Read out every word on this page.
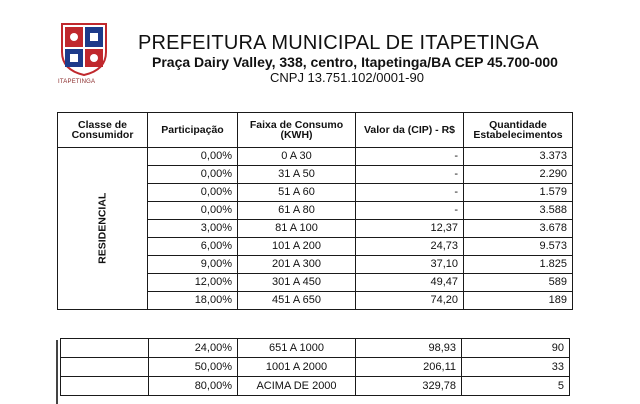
ITAPETINGA
PREFEITURA MUNICIPAL DE ITAPETINGA
Praça Dairy Valley, 338, centro, Itapetinga/BA CEP 45.700-000
CNPJ 13.751.102/0001-90
Classe de Consumidor	Participação	Faixa de Consumo (KWH)	Valor da (CIP) - R$	Quantidade Estabelecimentos
RESIDENCIAL	0,00%	0 A 30	-	3.373
	0,00%	31 A 50	-	2.290
	0,00%	51 A 60	-	1.579
	0,00%	61 A 80	-	3.588
	3,00%	81 A 100	12,37	3.678
	6,00%	101 A 200	24,73	9.573
	9,00%	201 A 300	37,10	1.825
	12,00%	301 A 450	49,47	589
	18,00%	451 A 650	74,20	189
	24,00%	651 A 1000	98,93	90
	50,00%	1001 A 2000	206,11	33
	80,00%	ACIMA DE 2000	329,78	5
